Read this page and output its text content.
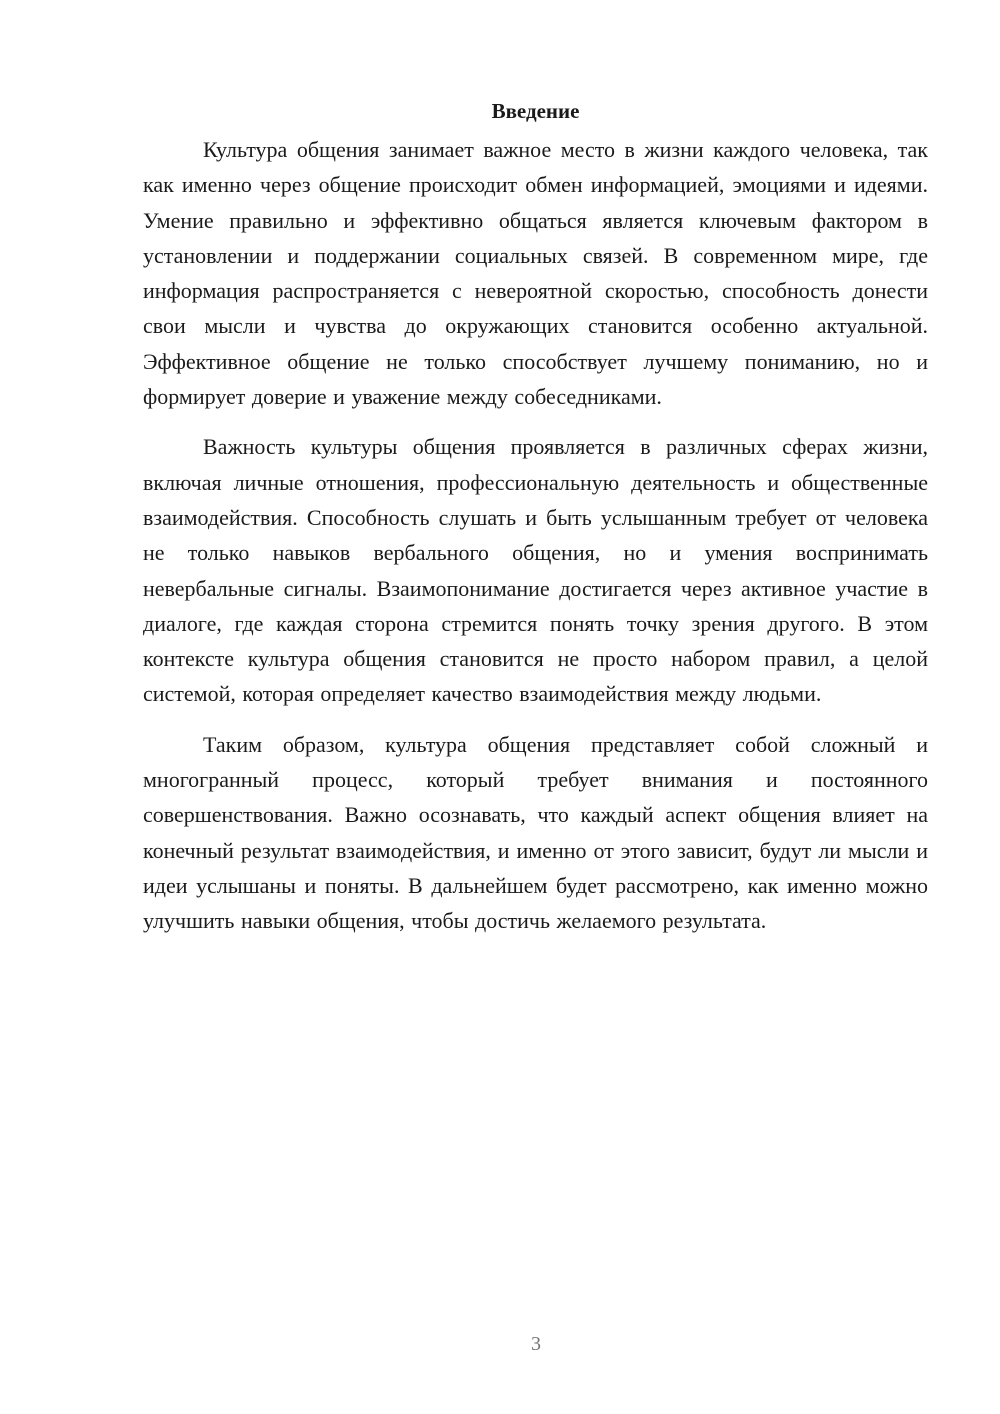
Введение

Культура общения занимает важное место в жизни каждого человека, так как именно через общение происходит обмен информацией, эмоциями и идеями. Умение правильно и эффективно общаться является ключевым фактором в установлении и поддержании социальных связей. В современном мире, где информация распространяется с невероятной скоростью, способность донести свои мысли и чувства до окружающих становится особенно актуальной. Эффективное общение не только способствует лучшему пониманию, но и формирует доверие и уважение между собеседниками.

Важность культуры общения проявляется в различных сферах жизни, включая личные отношения, профессиональную деятельность и общественные взаимодействия. Способность слушать и быть услышанным требует от человека не только навыков вербального общения, но и умения воспринимать невербальные сигналы. Взаимопонимание достигается через активное участие в диалоге, где каждая сторона стремится понять точку зрения другого. В этом контексте культура общения становится не просто набором правил, а целой системой, которая определяет качество взаимодействия между людьми.

Таким образом, культура общения представляет собой сложный и многогранный процесс, который требует внимания и постоянного совершенствования. Важно осознавать, что каждый аспект общения влияет на конечный результат взаимодействия, и именно от этого зависит, будут ли мысли и идеи услышаны и поняты. В дальнейшем будет рассмотрено, как именно можно улучшить навыки общения, чтобы достичь желаемого результата.

3
